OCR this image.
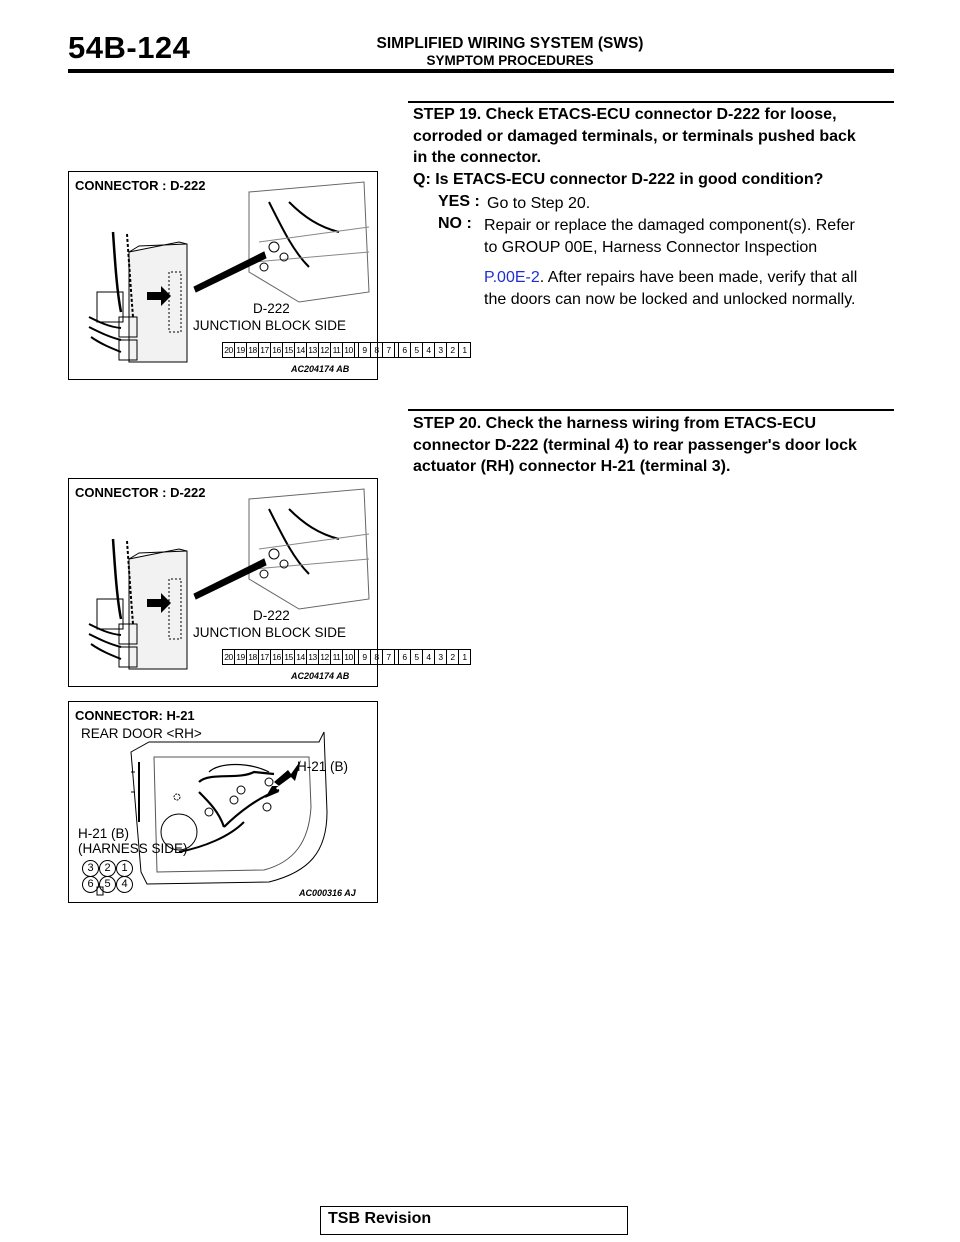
54B-124	SIMPLIFIED WIRING SYSTEM (SWS)
SYMPTOM PROCEDURES
STEP 19. Check ETACS-ECU connector D-222 for loose,
corroded or damaged terminals, or terminals pushed back
in the connector.
Q: Is ETACS-ECU connector D-222 in good condition?
YES : Go to Step 20.
NO : Repair or replace the damaged component(s). Refer
to GROUP 00E, Harness Connector Inspection
P.00E-2. After repairs have been made, verify that all
the doors can now be locked and unlocked normally.
STEP 20. Check the harness wiring from ETACS-ECU
connector D-222 (terminal 4) to rear passenger's door lock
actuator (RH) connector H-21 (terminal 3).
CONNECTOR : D-222
D-222
JUNCTION BLOCK SIDE
20 19 18 17 16 15 14 13 12 11 10	9 8 7	6 5 4 3 2 1
AC204174 AB
CONNECTOR : D-222
D-222
JUNCTION BLOCK SIDE
20 19 18 17 16 15 14 13 12 11 10	9 8 7	6 5 4 3 2 1
AC204174 AB
CONNECTOR: H-21
REAR DOOR <RH>
H-21 (B)
H-21 (B)
(HARNESS SIDE)
3 2 1
6 5 4
AC000316 AJ
TSB Revision
